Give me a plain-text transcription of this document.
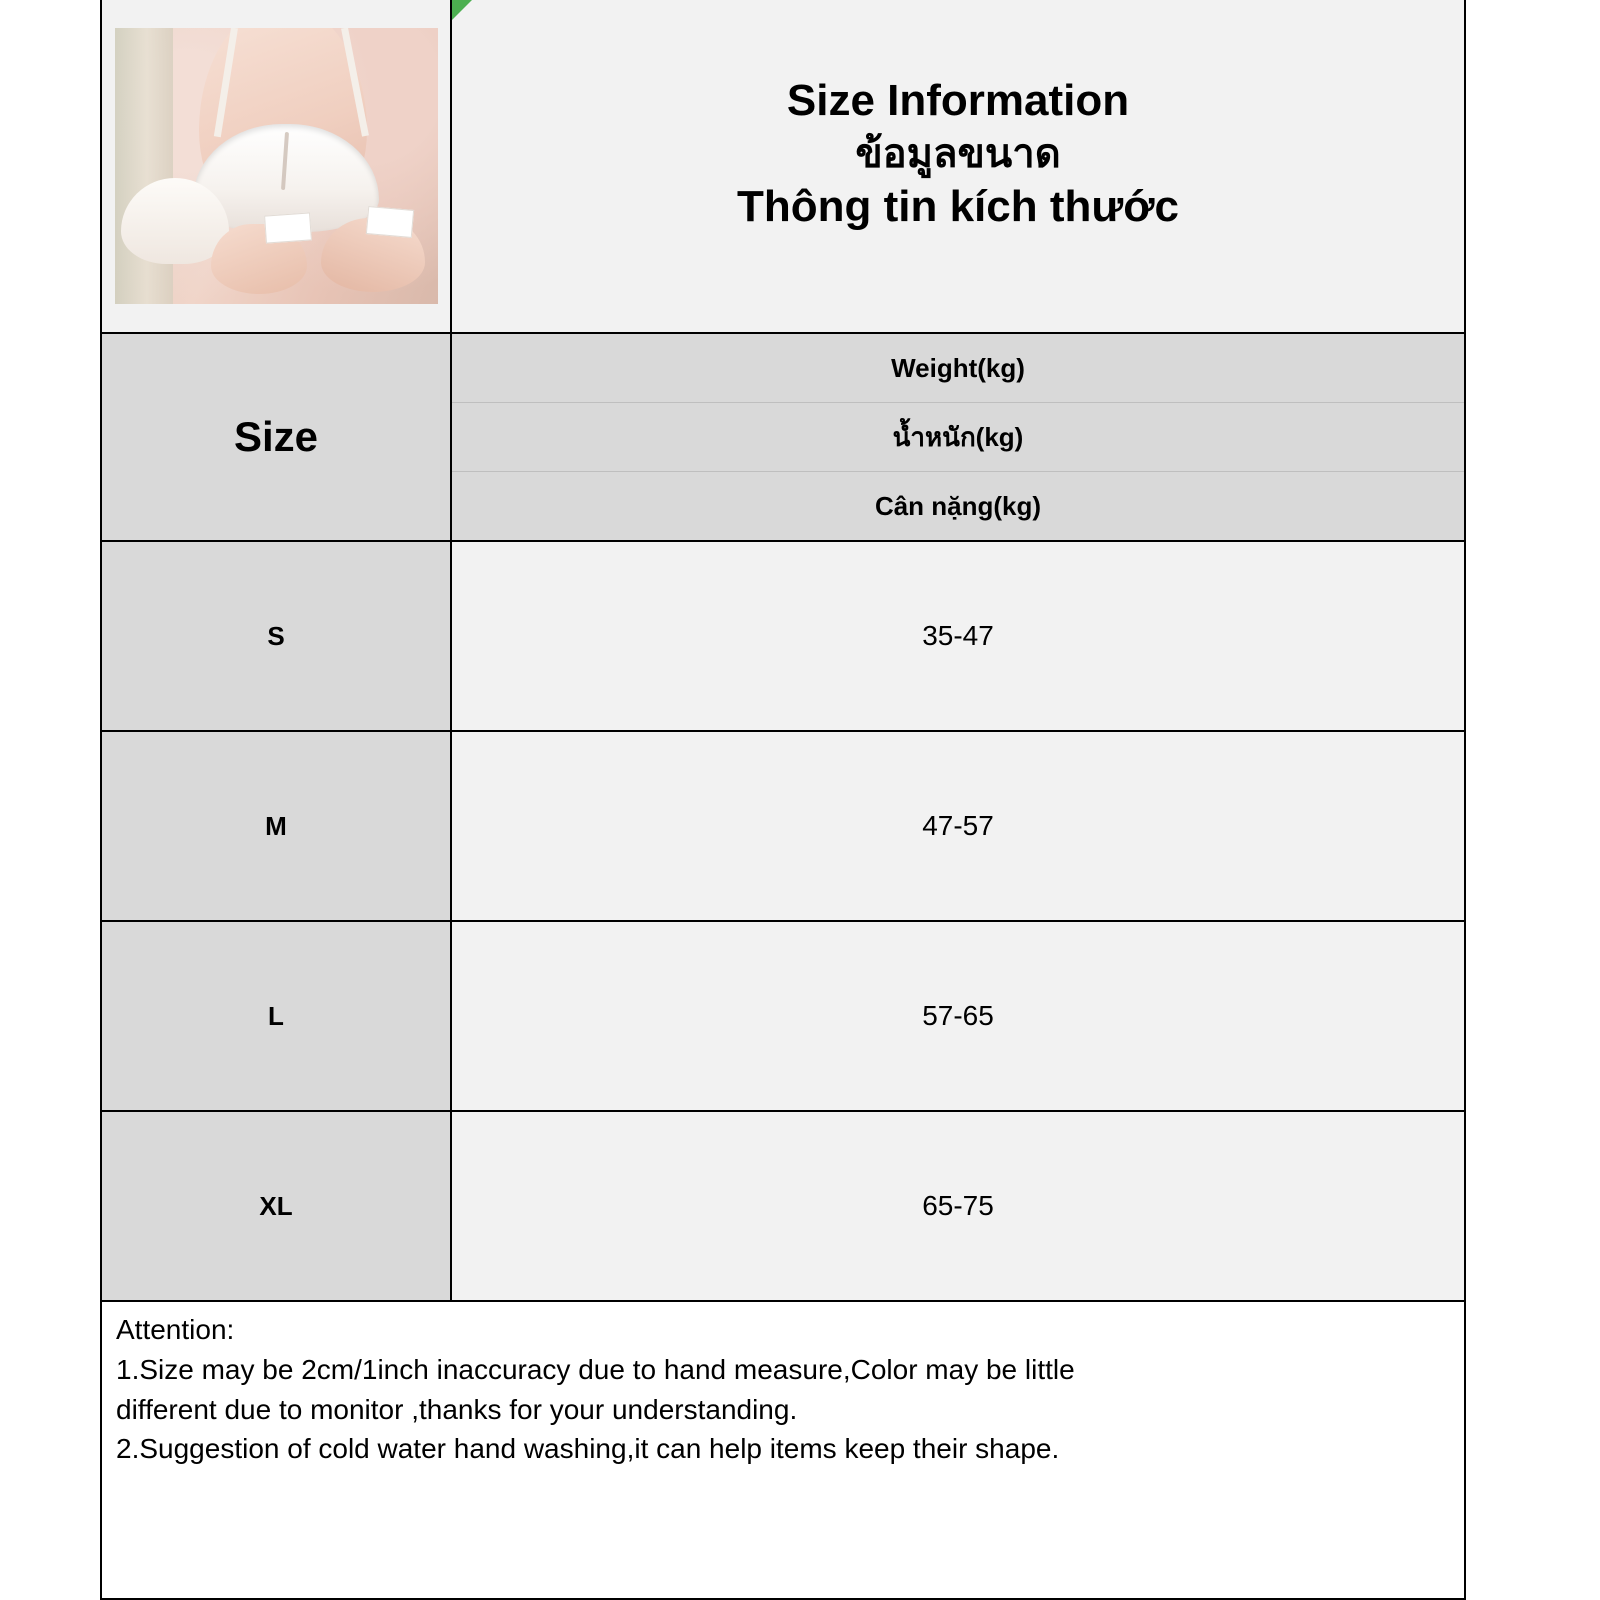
Size Information
ข้อมูลขนาด
Thông tin kích thước
Size
Weight(kg)
น้ำหนัก(kg)
Cân nặng(kg)
S	35-47
M	47-57
L	57-65
XL	65-75

Attention:

1.Size may be 2cm/1inch inaccuracy due to hand measure,Color may be little

different due to monitor ,thanks for your understanding.

2.Suggestion of cold water hand washing,it can help items keep their shape.
